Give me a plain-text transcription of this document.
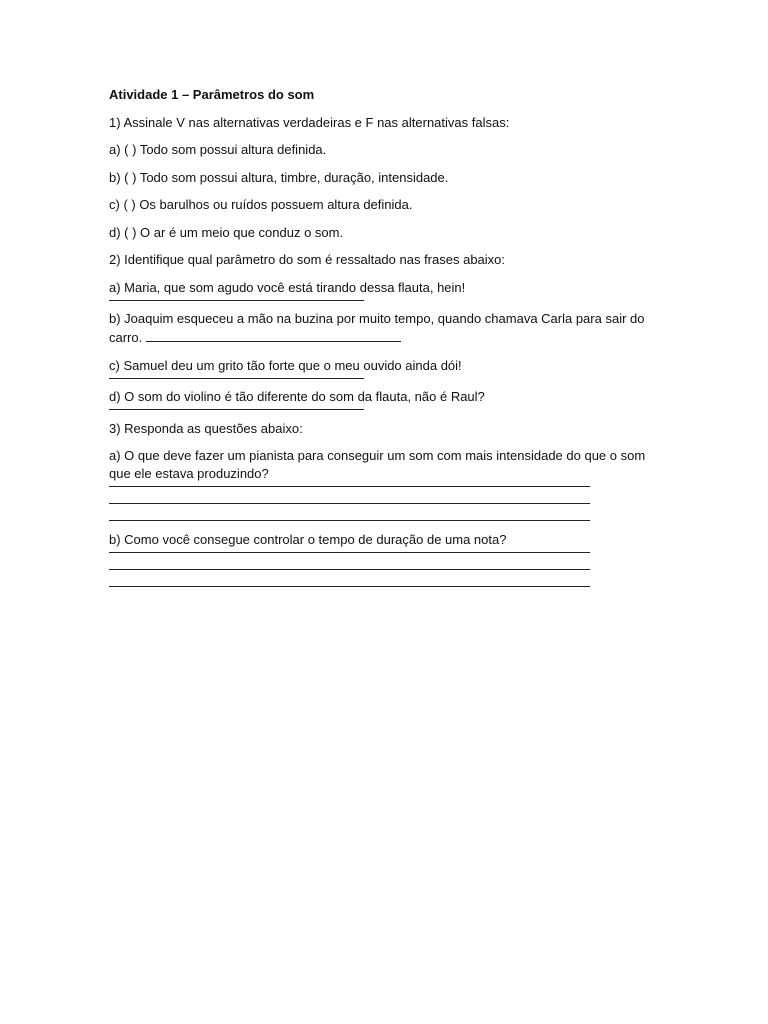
Atividade 1 – Parâmetros do som
1) Assinale V nas alternativas verdadeiras e F nas alternativas falsas:
a) ( ) Todo som possui altura definida.
b) ( ) Todo som possui altura, timbre, duração, intensidade.
c) ( ) Os barulhos ou ruídos possuem altura definida.
d) ( ) O ar é um meio que conduz o som.
2) Identifique qual parâmetro do som é ressaltado nas frases abaixo:
a) Maria, que som agudo você está tirando dessa flauta, hein!
b) Joaquim esqueceu a mão na buzina por muito tempo, quando chamava Carla para sair do
carro.
c) Samuel deu um grito tão forte que o meu ouvido ainda dói!
d) O som do violino é tão diferente do som da flauta, não é Raul?
3) Responda as questões abaixo:
a) O que deve fazer um pianista para conseguir um som com mais intensidade do que o som
que ele estava produzindo?
b) Como você consegue controlar o tempo de duração de uma nota?
